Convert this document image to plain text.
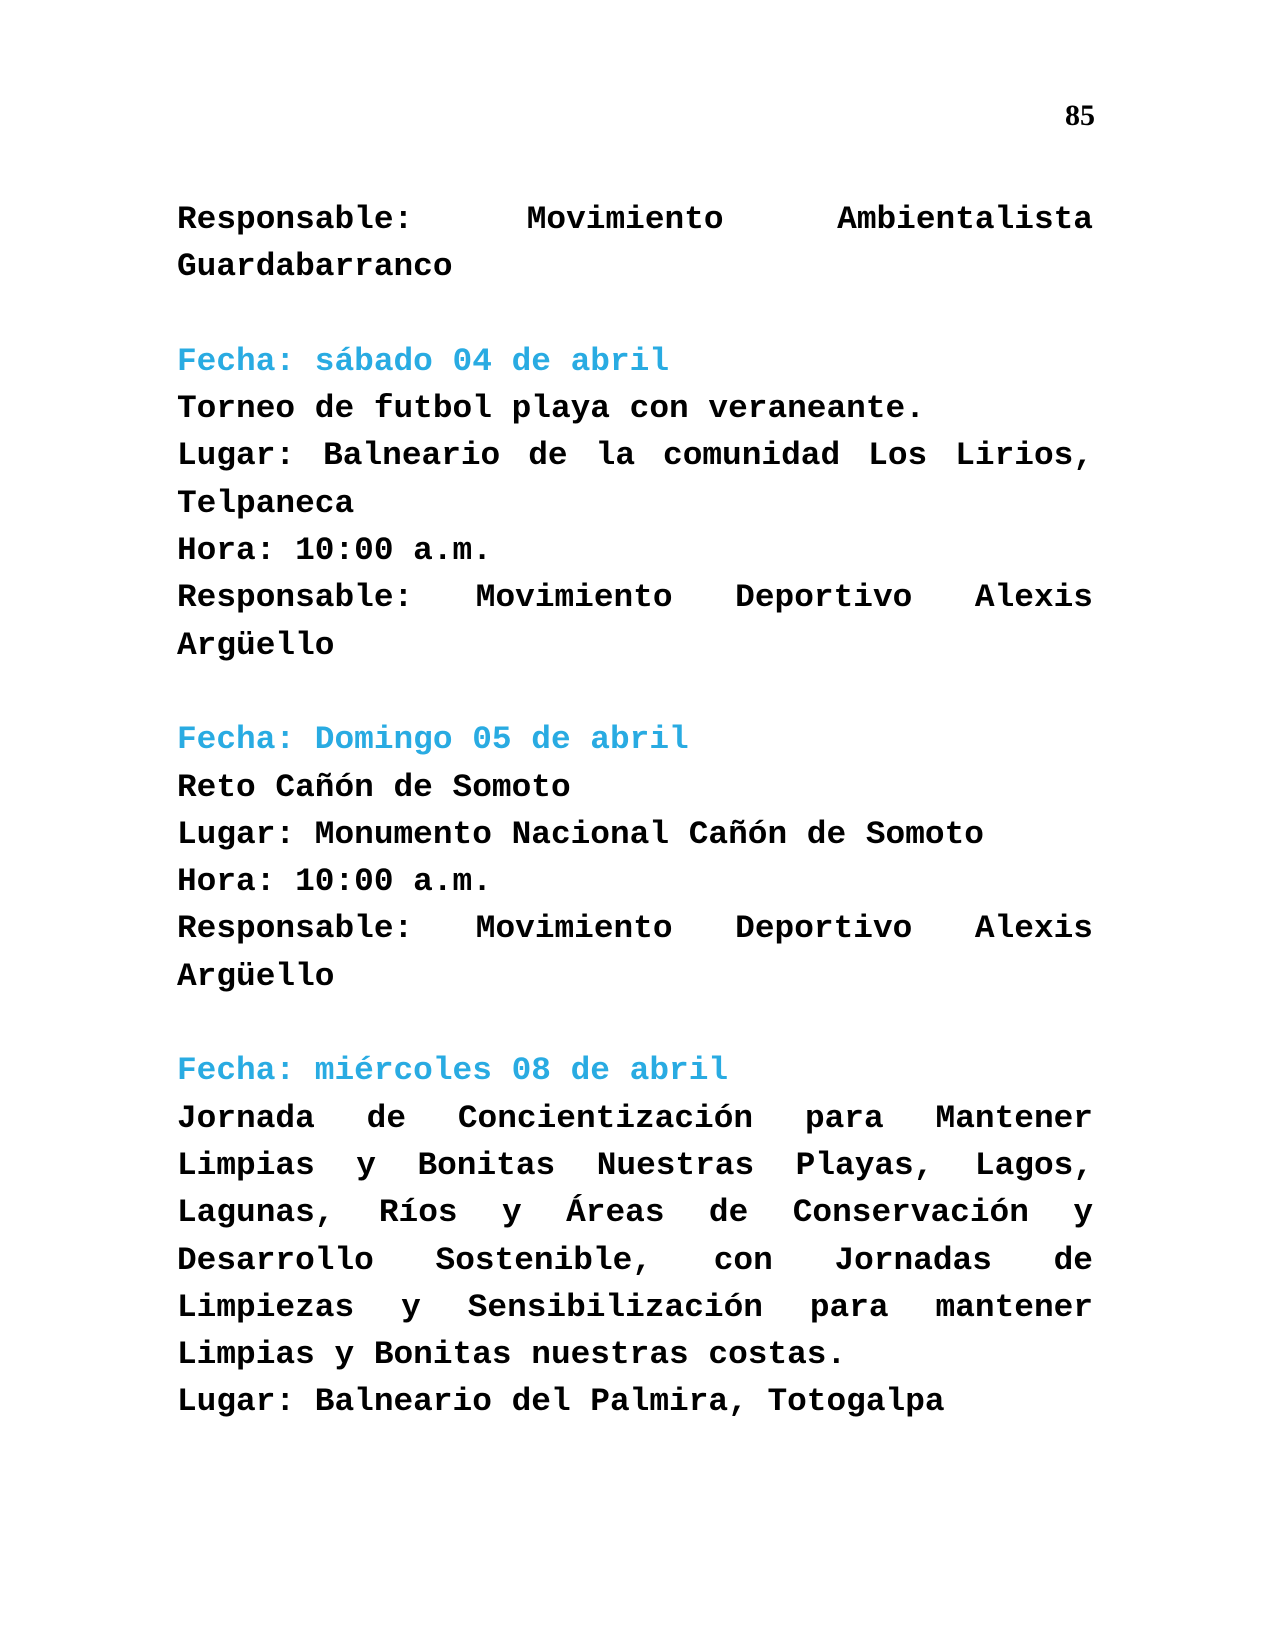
85
Responsable: Movimiento Ambientalista
Guardabarranco
Fecha: sábado 04 de abril
Torneo de futbol playa con veraneante.
Lugar: Balneario de la comunidad Los Lirios,
Telpaneca
Hora: 10:00 a.m.
Responsable: Movimiento Deportivo Alexis
Argüello
Fecha: Domingo 05 de abril
Reto Cañón de Somoto
Lugar: Monumento Nacional Cañón de Somoto
Hora: 10:00 a.m.
Responsable: Movimiento Deportivo Alexis
Argüello
Fecha: miércoles 08 de abril
Jornada de Concientización para Mantener
Limpias y Bonitas Nuestras Playas, Lagos,
Lagunas, Ríos y Áreas de Conservación y
Desarrollo Sostenible, con Jornadas de
Limpiezas y Sensibilización para mantener
Limpias y Bonitas nuestras costas.
Lugar: Balneario del Palmira, Totogalpa
